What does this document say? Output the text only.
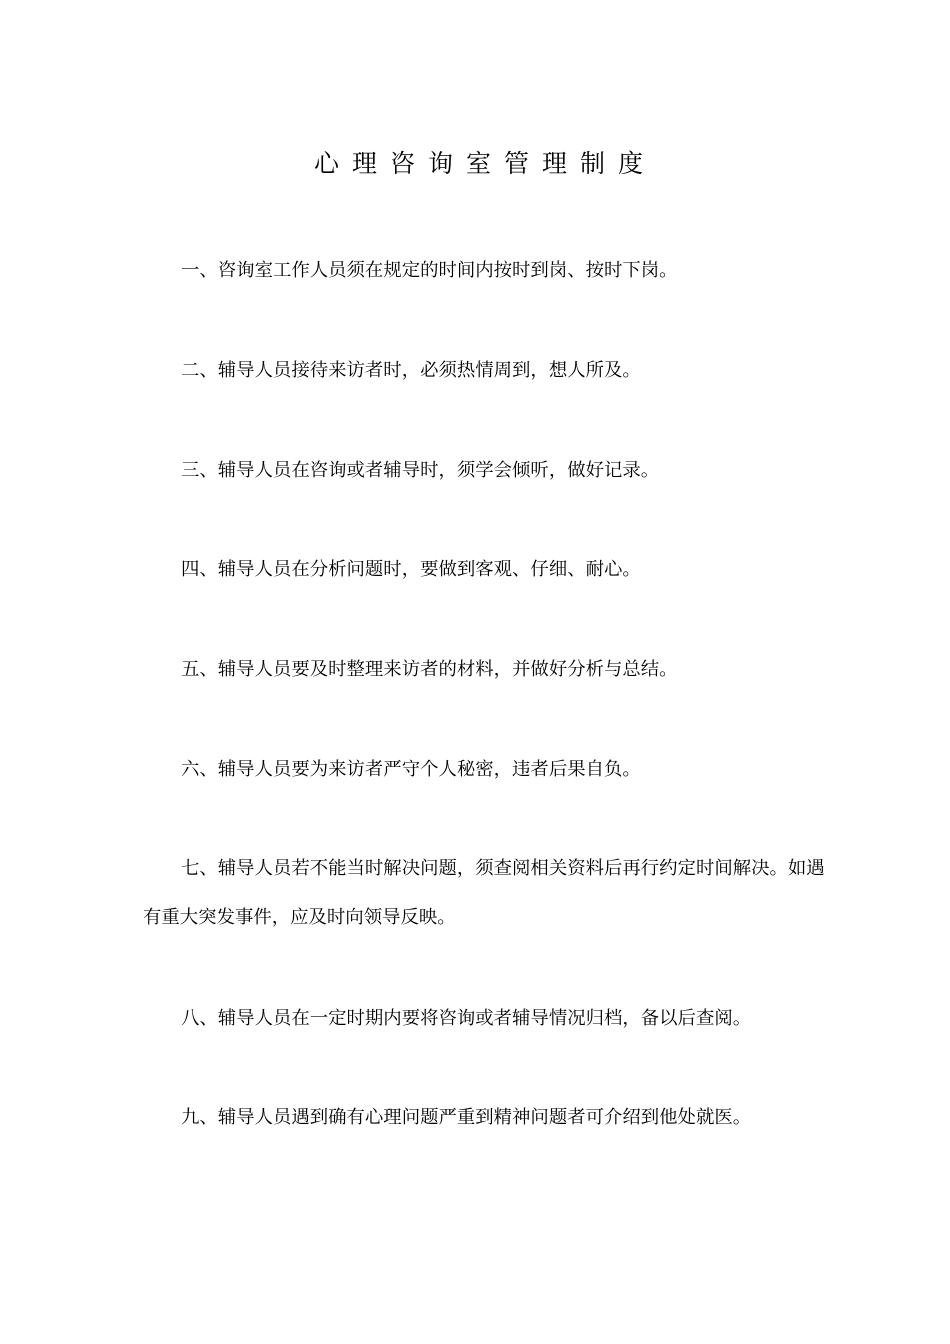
心理咨询室管理制度

一、咨询室工作人员须在规定的时间内按时到岗、按时下岗。

二、辅导人员接待来访者时，必须热情周到，想人所及。

三、辅导人员在咨询或者辅导时，须学会倾听，做好记录。

四、辅导人员在分析问题时，要做到客观、仔细、耐心。

五、辅导人员要及时整理来访者的材料，并做好分析与总结。

六、辅导人员要为来访者严守个人秘密，违者后果自负。

七、辅导人员若不能当时解决问题，须查阅相关资料后再行约定时间解决。如遇有重大突发事件，应及时向领导反映。

八、辅导人员在一定时期内要将咨询或者辅导情况归档，备以后查阅。

九、辅导人员遇到确有心理问题严重到精神问题者可介绍到他处就医。
